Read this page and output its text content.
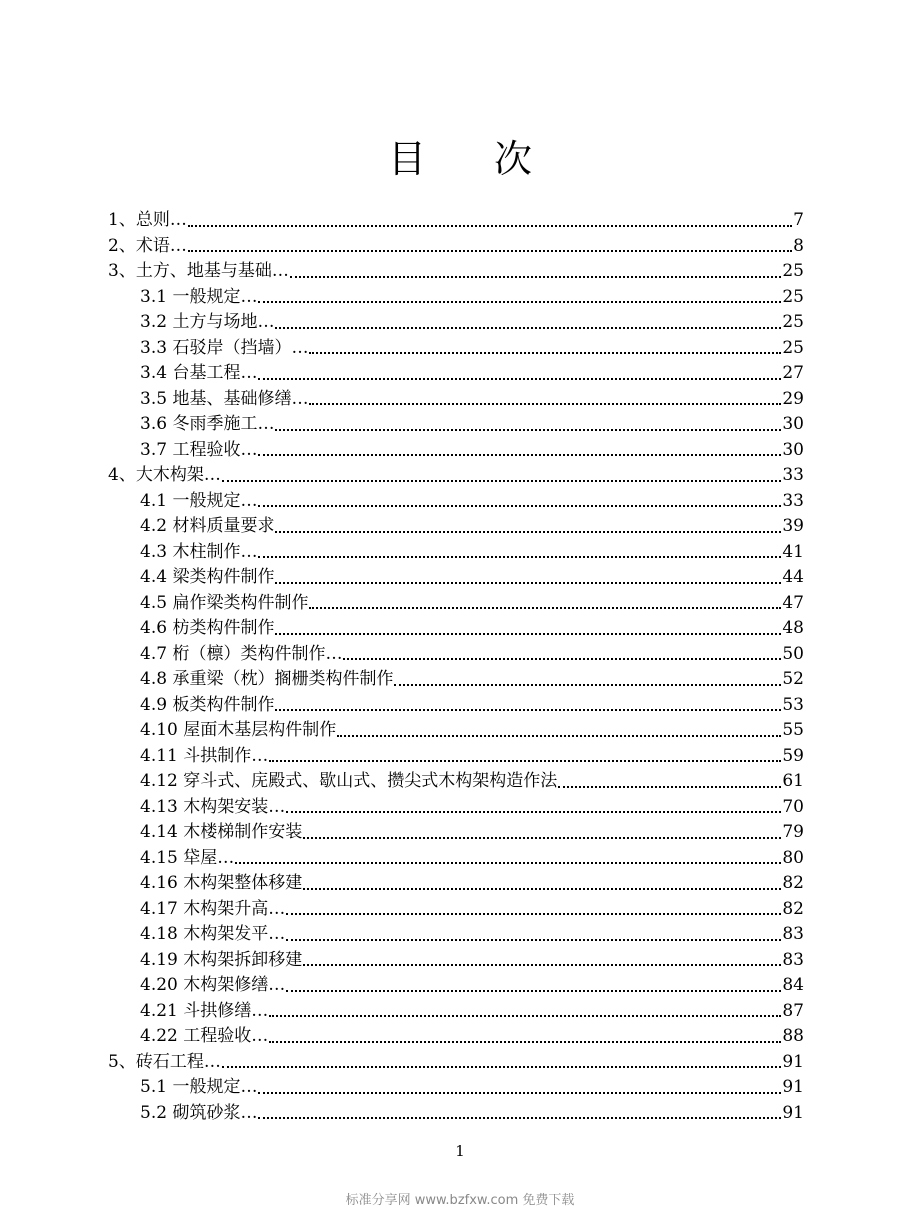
目 次
1、总则…	7
2、术语…	8
3、土方、地基与基础…	25
3.1 一般规定…	25
3.2 土方与场地…	25
3.3 石驳岸（挡墙）…	25
3.4 台基工程…	27
3.5 地基、基础修缮…	29
3.6 冬雨季施工…	30
3.7 工程验收…	30
4、大木构架…	33
4.1 一般规定…	33
4.2 材料质量要求	39
4.3 木柱制作…	41
4.4 梁类构件制作	44
4.5 扁作梁类构件制作	47
4.6 枋类构件制作	48
4.7 桁（檩）类构件制作…	50
4.8 承重梁（枕）搁栅类构件制作	52
4.9 板类构件制作	53
4.10 屋面木基层构件制作	55
4.11 斗拱制作…	59
4.12 穿斗式、庑殿式、歇山式、攒尖式木构架构造作法	61
4.13 木构架安装…	70
4.14 木楼梯制作安装	79
4.15 牮屋…	80
4.16 木构架整体移建	82
4.17 木构架升高…	82
4.18 木构架发平…	83
4.19 木构架拆卸移建	83
4.20 木构架修缮…	84
4.21 斗拱修缮…	87
4.22 工程验收…	88
5、砖石工程…	91
5.1 一般规定…	91
5.2 砌筑砂浆…	91
1
标准分享网 www.bzfxw.com 免费下载
